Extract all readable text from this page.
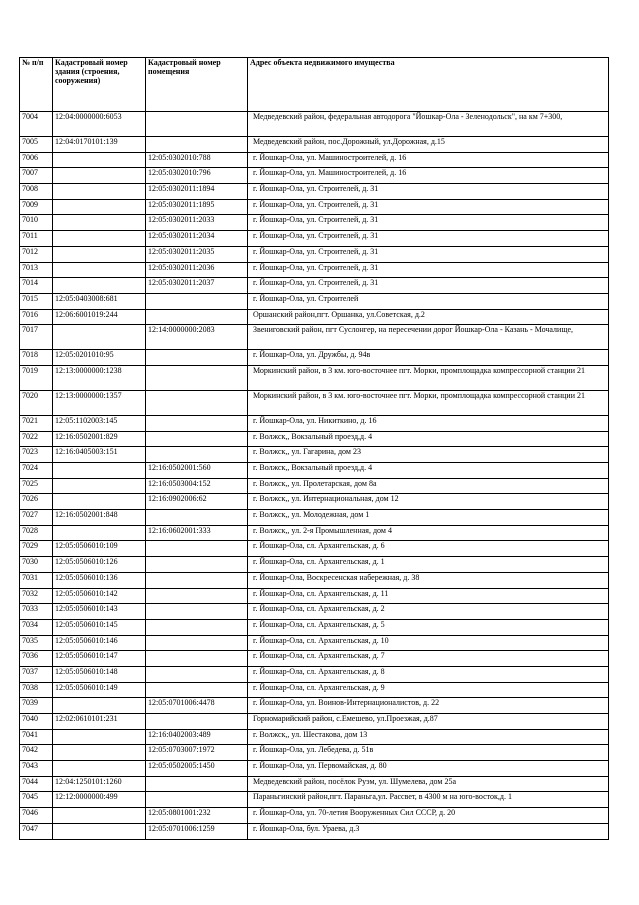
№ п/п	Кадастровый номер здания (строения, сооружения)	Кадастровый номер помещения	Адрес объекта недвижимого имущества
7004	12:04:0000000:6053		Медведевский район, федеральная автодорога "Йошкар-Ола - Зеленодольск", на км 7+300,
7005	12:04:0170101:139		Медведевский район, пос.Дорожный, ул.Дорожная, д.15
7006		12:05:0302010:788	г. Йошкар-Ола, ул. Машиностроителей, д. 16
7007		12:05:0302010:796	г. Йошкар-Ола, ул. Машиностроителей, д. 16
7008		12:05:0302011:1894	г. Йошкар-Ола, ул. Строителей, д. 31
7009		12:05:0302011:1895	г. Йошкар-Ола, ул. Строителей, д. 31
7010		12:05:0302011:2033	г. Йошкар-Ола, ул. Строителей, д. 31
7011		12:05:0302011:2034	г. Йошкар-Ола, ул. Строителей, д. 31
7012		12:05:0302011:2035	г. Йошкар-Ола, ул. Строителей, д. 31
7013		12:05:0302011:2036	г. Йошкар-Ола, ул. Строителей, д. 31
7014		12:05:0302011:2037	г. Йошкар-Ола, ул. Строителей, д. 31
7015	12:05:0403008:681		г. Йошкар-Ола, ул. Строителей
7016	12:06:6001019:244		Оршанский район,пгт. Оршанка, ул.Советская, д.2
7017		12:14:0000000:2083	Звениговский район, пгт Суслонгер, на пересечении дорог Йошкар-Ола - Казань - Мочалище,
7018	12:05:0201010:95		г. Йошкар-Ола, ул. Дружбы, д. 94в
7019	12:13:0000000:1238		Моркинский район, в 3 км. юго-восточнее пгт. Морки, промплощадка компрессорной станции 21
7020	12:13:0000000:1357		Моркинский район, в 3 км. юго-восточнее пгт. Морки, промплощадка компрессорной станции 21
7021	12:05:1102003:145		г. Йошкар-Ола, ул. Никиткино, д. 16
7022	12:16:0502001:829		г. Волжск,, Вокзальный проезд,д. 4
7023	12:16:0405003:151		г. Волжск,, ул. Гагарина, дом 23
7024		12:16:0502001:560	г. Волжск,, Вокзальный проезд,д. 4
7025		12:16:0503004:152	г. Волжск,, ул. Пролетарская, дом 8а
7026		12:16:0902006:62	г. Волжск,, ул. Интернациональная, дом 12
7027	12:16:0502001:848		г. Волжск,, ул. Молодежная, дом 1
7028		12:16:0602001:333	г. Волжск,, ул. 2-я Промышленная, дом 4
7029	12:05:0506010:109		г. Йошкар-Ола, сл. Архангельская, д. 6
7030	12:05:0506010:126		г. Йошкар-Ола, сл. Архангельская, д. 1
7031	12:05:0506010:136		г. Йошкар-Ола, Воскресенская набережная, д. 38
7032	12:05:0506010:142		г. Йошкар-Ола, сл. Архангельская, д. 11
7033	12:05:0506010:143		г. Йошкар-Ола, сл. Архангельская, д. 2
7034	12:05:0506010:145		г. Йошкар-Ола, сл. Архангельская, д. 5
7035	12:05:0506010:146		г. Йошкар-Ола, сл. Архангельская, д. 10
7036	12:05:0506010:147		г. Йошкар-Ола, сл. Архангельская, д. 7
7037	12:05:0506010:148		г. Йошкар-Ола, сл. Архангельская, д. 8
7038	12:05:0506010:149		г. Йошкар-Ола, сл. Архангельская, д. 9
7039		12:05:0701006:4478	г. Йошкар-Ола, ул. Воинов-Интернационалистов, д. 22
7040	12:02:0610101:231		Горномарийский район, с.Емешево, ул.Проезжая, д.87
7041		12:16:0402003:489	г. Волжск,, ул. Шестакова, дом 13
7042		12:05:0703007:1972	г. Йошкар-Ола, ул. Лебедева, д. 51в
7043		12:05:0502005:1450	г. Йошкар-Ола, ул. Первомайская, д. 80
7044	12:04:1250101:1260		Медведевский район, посёлок Руэм, ул. Шумелева, дом 25а
7045	12:12:0000000:499		Параньгинский район,пгт. Параньга,ул. Рассвет, в 4300 м на юго-восток,д. 1
7046		12:05:0801001:232	г. Йошкар-Ола, ул. 70-летия Вооруженных Сил СССР, д. 20
7047		12:05:0701006:1259	г. Йошкар-Ола, бул. Ураева, д.3
